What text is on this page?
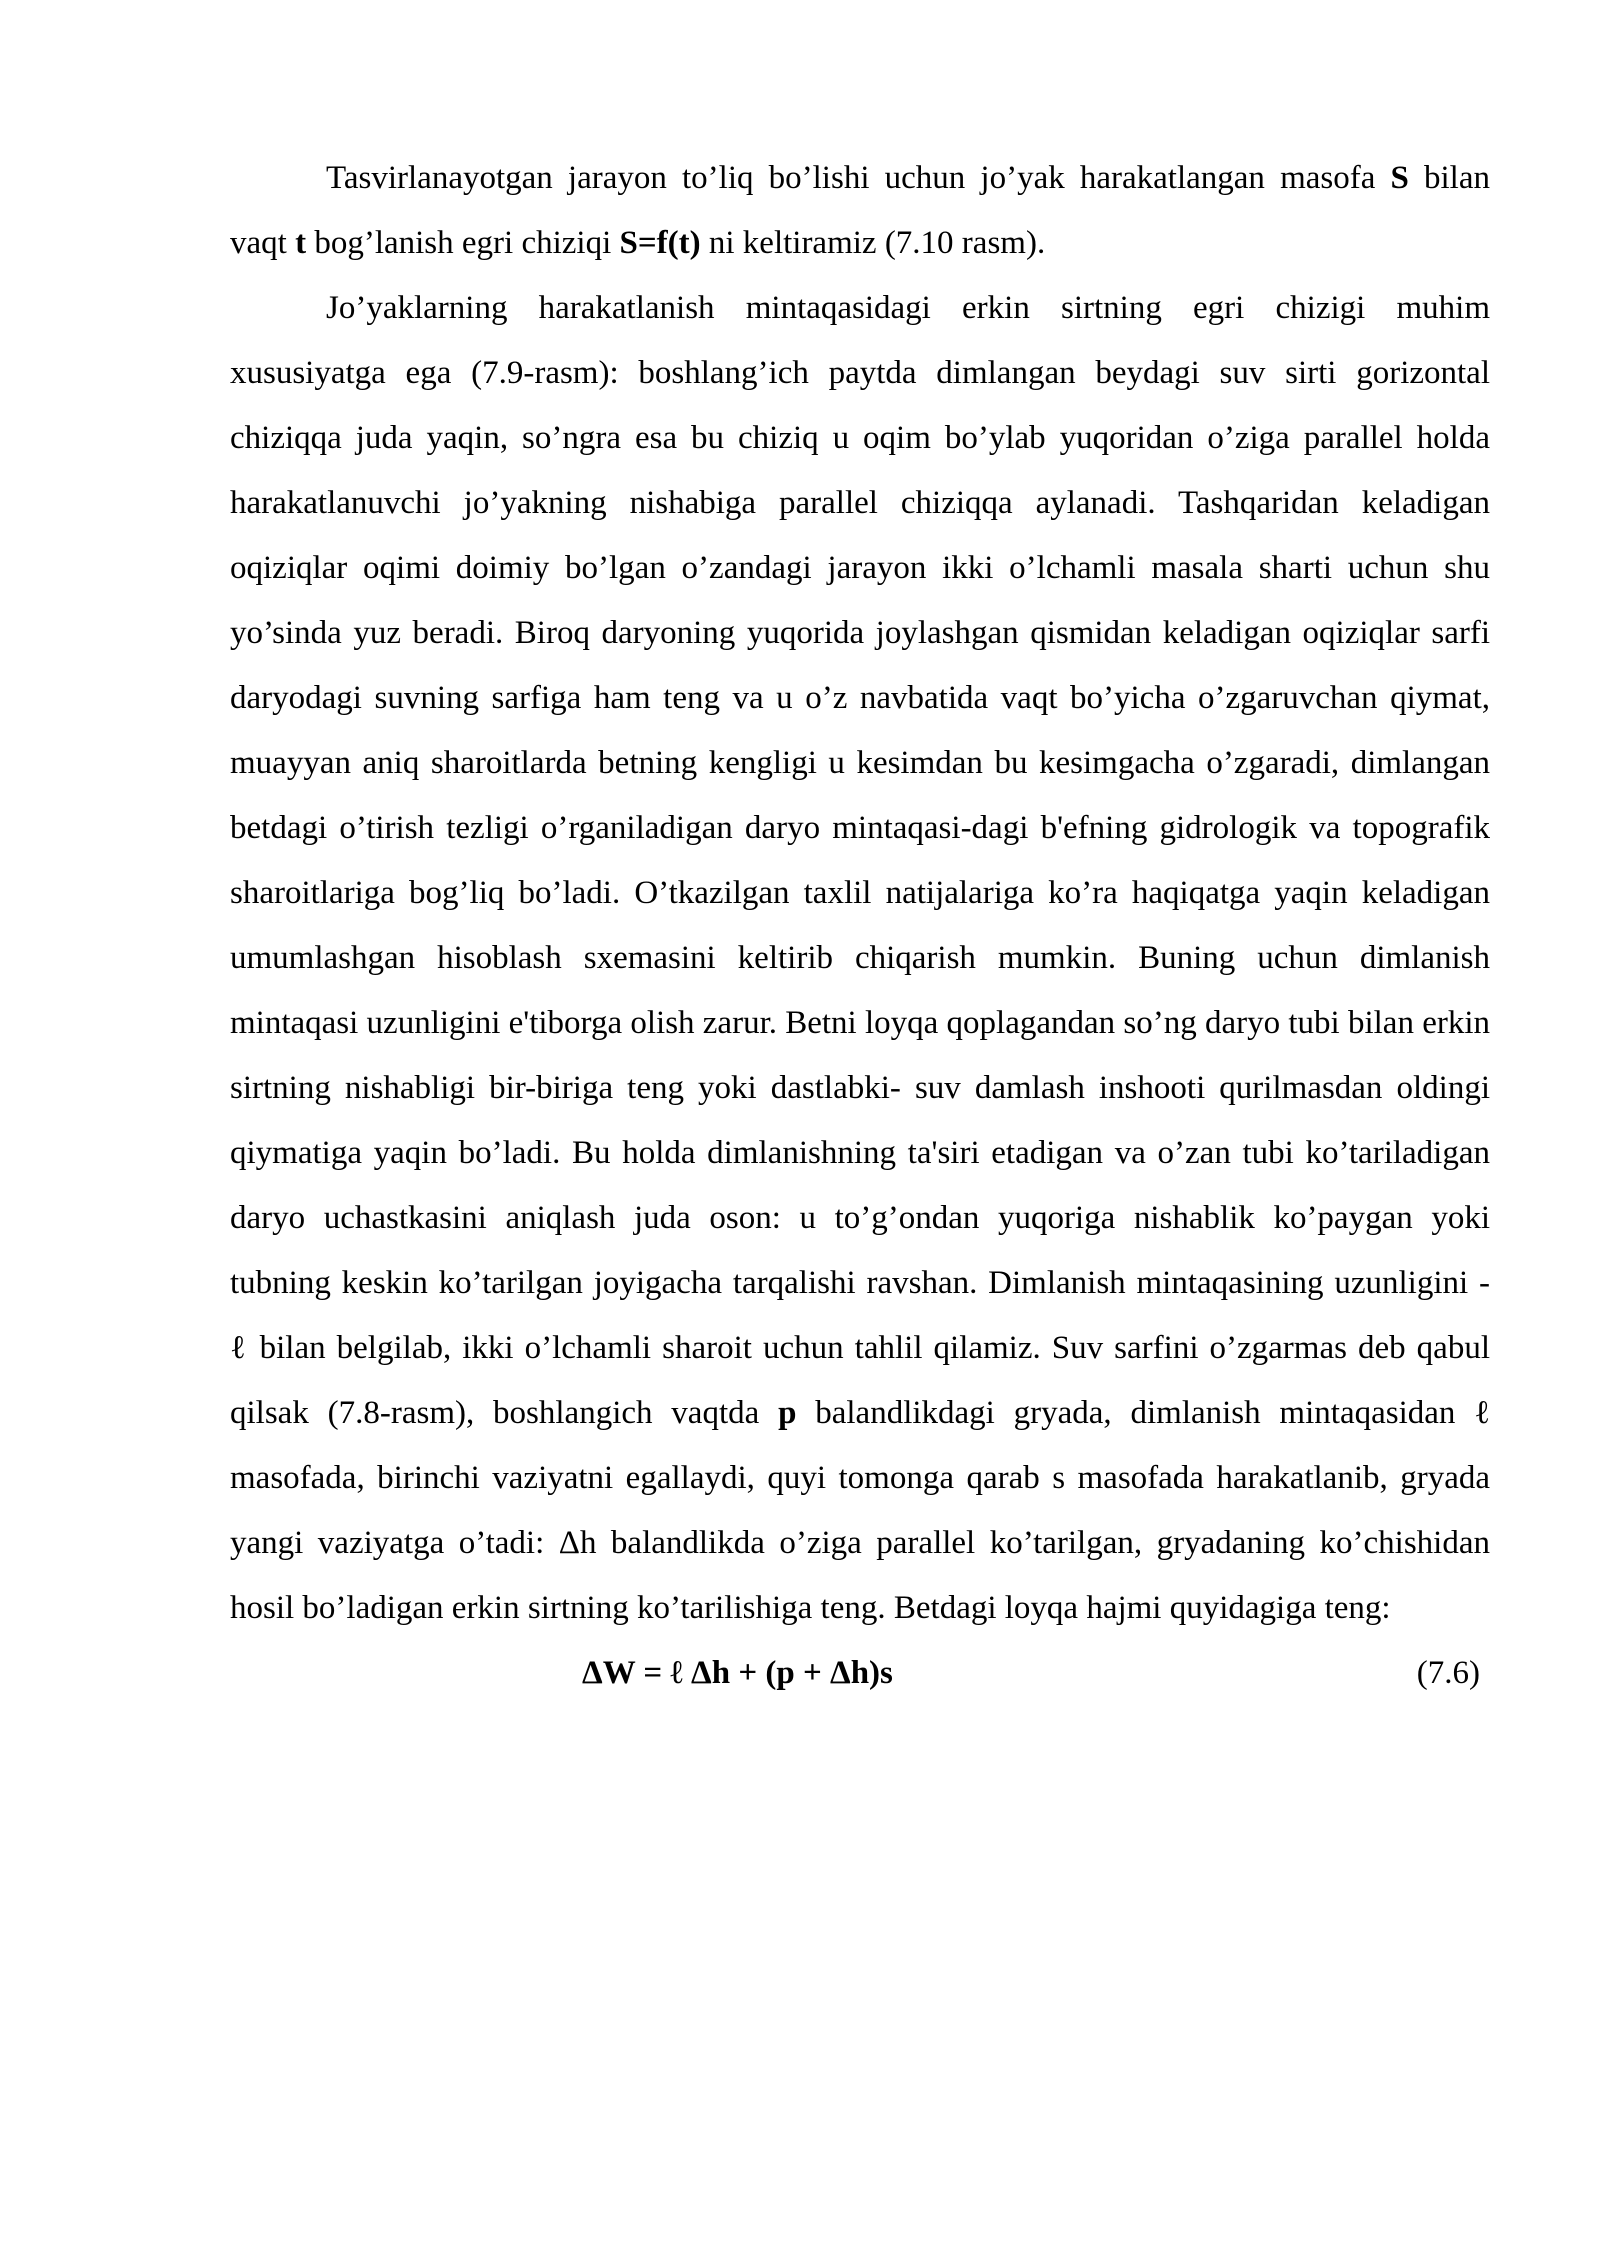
Tasvirlanayotgan jarayon to’liq bo’lishi uchun jo’yak harakatlangan masofa S bilan vaqt t bog’lanish egri chiziqi S=f(t) ni keltiramiz (7.10 rasm).

Jo’yaklarning harakatlanish mintaqasidagi erkin sirtning egri chizigi muhim xususiyatga ega (7.9-rasm): boshlang’ich paytda dimlangan beydagi suv sirti gorizontal chiziqqa juda yaqin, so’ngra esa bu chiziq u oqim bo’ylab yuqoridan o’ziga parallel holda harakatlanuvchi jo’yakning nishabiga parallel chiziqqa aylanadi. Tashqaridan keladigan oqiziqlar oqimi doimiy bo’lgan o’zandagi jarayon ikki o’lchamli masala sharti uchun shu yo’sinda yuz beradi. Biroq daryoning yuqorida joylashgan qismidan keladigan oqiziqlar sarfi daryodagi suvning sarfiga ham teng va u o’z navbatida vaqt bo’yicha o’zgaruvchan qiymat, muayyan aniq sharoitlarda betning kengligi u kesimdan bu kesimgacha o’zgaradi, dimlangan betdagi o’tirish tezligi o’rganiladigan daryo mintaqasi-dagi b'efning gidrologik va topografik sharoitlariga bog’liq bo’ladi. O’tkazilgan taxlil natijalariga ko’ra haqiqatga yaqin keladigan umumlashgan hisoblash sxemasini keltirib chiqarish mumkin. Buning uchun dimlanish mintaqasi uzunligini e'tiborga olish zarur. Betni loyqa qoplagandan so’ng daryo tubi bilan erkin sirtning nishabligi bir-biriga teng yoki dastlabki- suv damlash inshooti qurilmasdan oldingi qiymatiga yaqin bo’ladi. Bu holda dimlanishning ta'siri etadigan va o’zan tubi ko’tariladigan daryo uchastkasini aniqlash juda oson: u to’g’ondan yuqoriga nishablik ko’paygan yoki tubning keskin ko’tarilgan joyigacha tarqalishi ravshan. Dimlanish mintaqasining uzunligini - ℓ bilan belgilab, ikki o’lchamli sharoit uchun tahlil qilamiz. Suv sarfini o’zgarmas deb qabul qilsak (7.8-rasm), boshlangich vaqtda p balandlikdagi gryada, dimlanish mintaqasidan ℓ masofada, birinchi vaziyatni egallaydi, quyi tomonga qarab s masofada harakatlanib, gryada yangi vaziyatga o’tadi: Δh balandlikda o’ziga parallel ko’tarilgan, gryadaning ko’chishidan hosil bo’ladigan erkin sirtning ko’tarilishiga teng. Betdagi loyqa hajmi quyidagiga teng:

ΔW = ℓ Δh + (p + Δh)s	(7.6)
